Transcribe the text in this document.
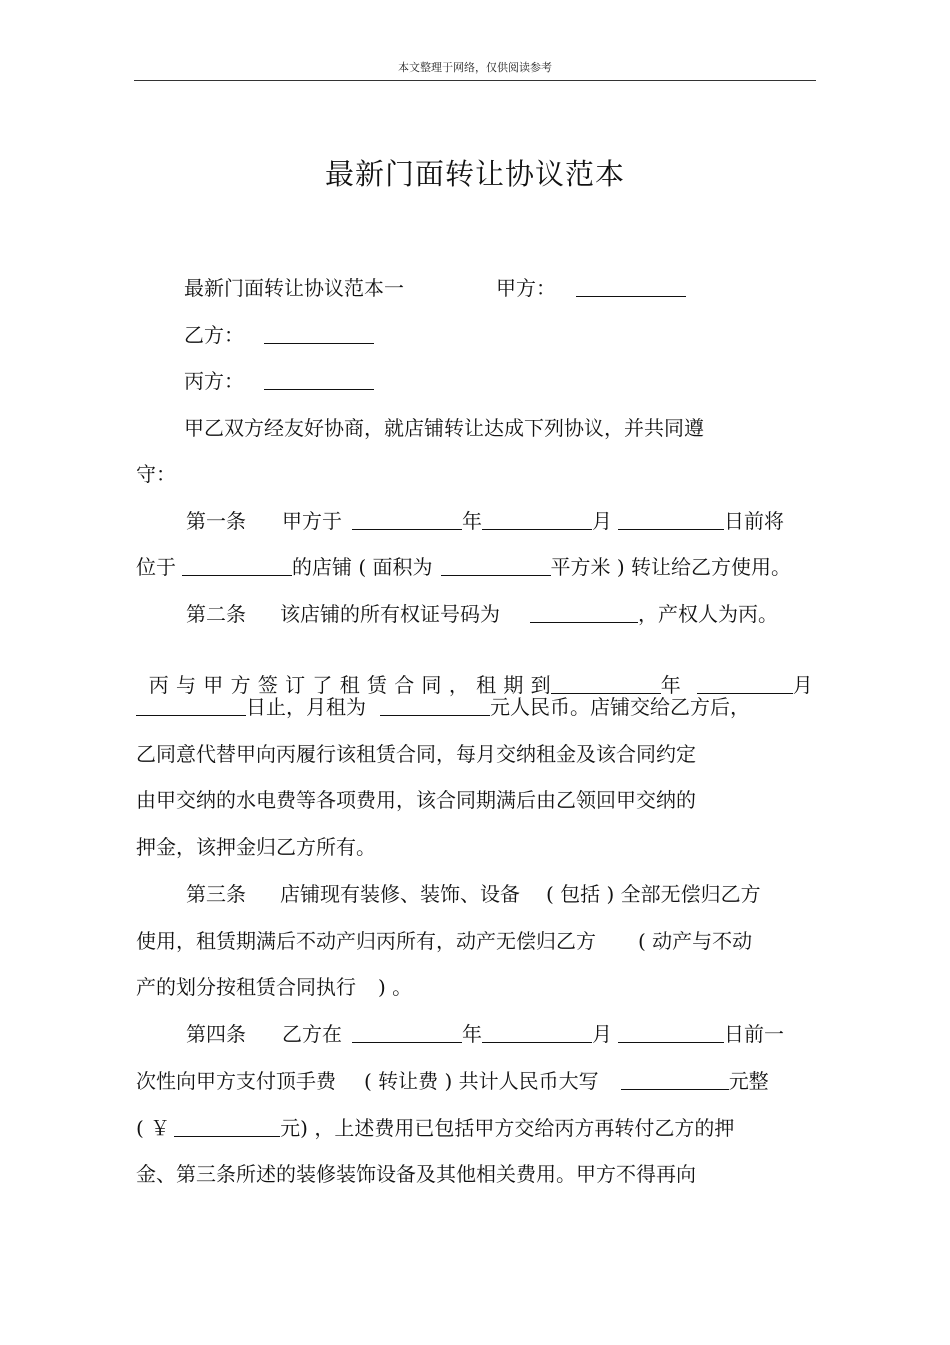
本文整理于网络，仅供阅读参考
最新门面转让协议范本
最新门面转让协议范本一	甲方：
乙方：
丙方：
甲乙双方经友好协商，就店铺转让达成下列协议，并共同遵
守：
第一条 甲方于	年	月	日前将
位于	的店铺 ( 面积为	平方米 ) 转让给乙方使用。
第二条 该店铺的所有权证号码为	，产权人为丙。

丙 与 甲 方 签 订 了 租 赁 合 同 ， 租 期 到	年	月

日止，月租为	元人民币。店铺交给乙方后，
乙同意代替甲向丙履行该租赁合同，每月交纳租金及该合同约定
由甲交纳的水电费等各项费用，该合同期满后由乙领回甲交纳的
押金，该押金归乙方所有。
第三条 店铺现有装修、装饰、设备 ( 包括 ) 全部无偿归乙方
使用，租赁期满后不动产归丙所有，动产无偿归乙方 ( 动产与不动
产的划分按租赁合同执行 ) 。
第四条 乙方在	年	月	日前一
次性向甲方支付顶手费 ( 转让费 ) 共计人民币大写	元整
( ￥	元) ，上述费用已包括甲方交给丙方再转付乙方的押
金、第三条所述的装修装饰设备及其他相关费用。甲方不得再向
